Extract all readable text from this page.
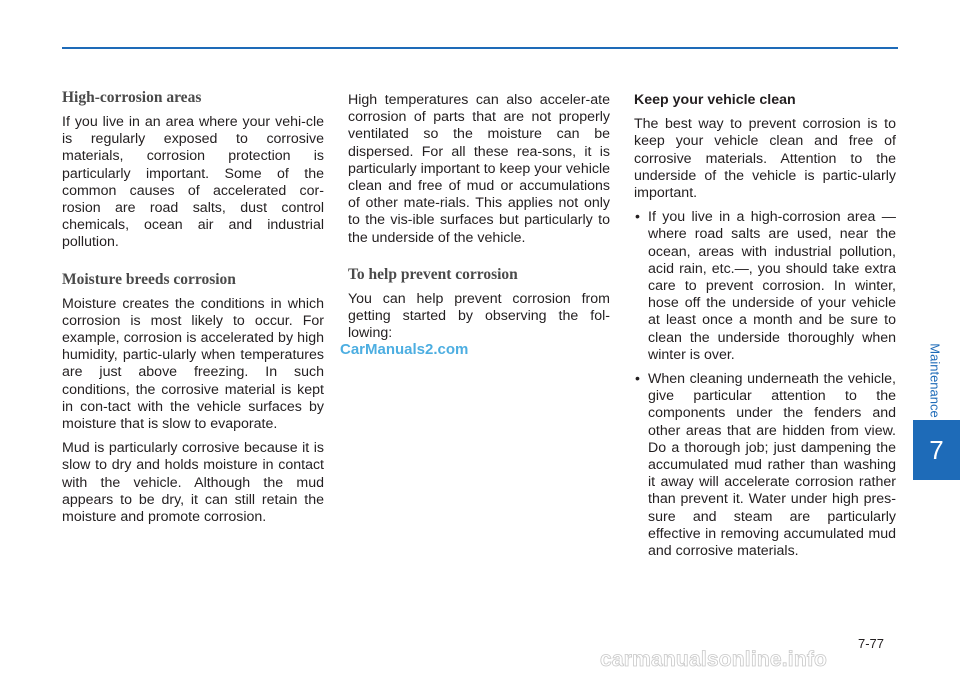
High-corrosion areas

If you live in an area where your vehi-cle is regularly exposed to corrosive materials, corrosion protection is particularly important. Some of the common causes of accelerated cor-rosion are road salts, dust control chemicals, ocean air and industrial pollution.

Moisture breeds corrosion

Moisture creates the conditions in which corrosion is most likely to occur. For example, corrosion is accelerated by high humidity, partic-ularly when temperatures are just above freezing. In such conditions, the corrosive material is kept in con-tact with the vehicle surfaces by moisture that is slow to evaporate.

Mud is particularly corrosive because it is slow to dry and holds moisture in contact with the vehicle. Although the mud appears to be dry, it can still retain the moisture and promote corrosion.

High temperatures can also acceler-ate corrosion of parts that are not properly ventilated so the moisture can be dispersed. For all these rea-sons, it is particularly important to keep your vehicle clean and free of mud or accumulations of other mate-rials. This applies not only to the vis-ible surfaces but particularly to the underside of the vehicle.

To help prevent corrosion

You can help prevent corrosion from getting started by observing the fol-lowing:

Keep your vehicle clean

The best way to prevent corrosion is to keep your vehicle clean and free of corrosive materials. Attention to the underside of the vehicle is partic-ularly important.

• If you live in a high-corrosion area — where road salts are used, near the ocean, areas with industrial pollution, acid rain, etc.—, you should take extra care to prevent corrosion. In winter, hose off the underside of your vehicle at least once a month and be sure to clean the underside thoroughly when winter is over.
• When cleaning underneath the vehicle, give particular attention to the components under the fenders and other areas that are hidden from view. Do a thorough job; just dampening the accumulated mud rather than washing it away will accelerate corrosion rather than prevent it. Water under high pres-sure and steam are particularly effective in removing accumulated mud and corrosive materials.
Maintenance
7
7-77
CarManuals2.com
carmanualsonline.info
